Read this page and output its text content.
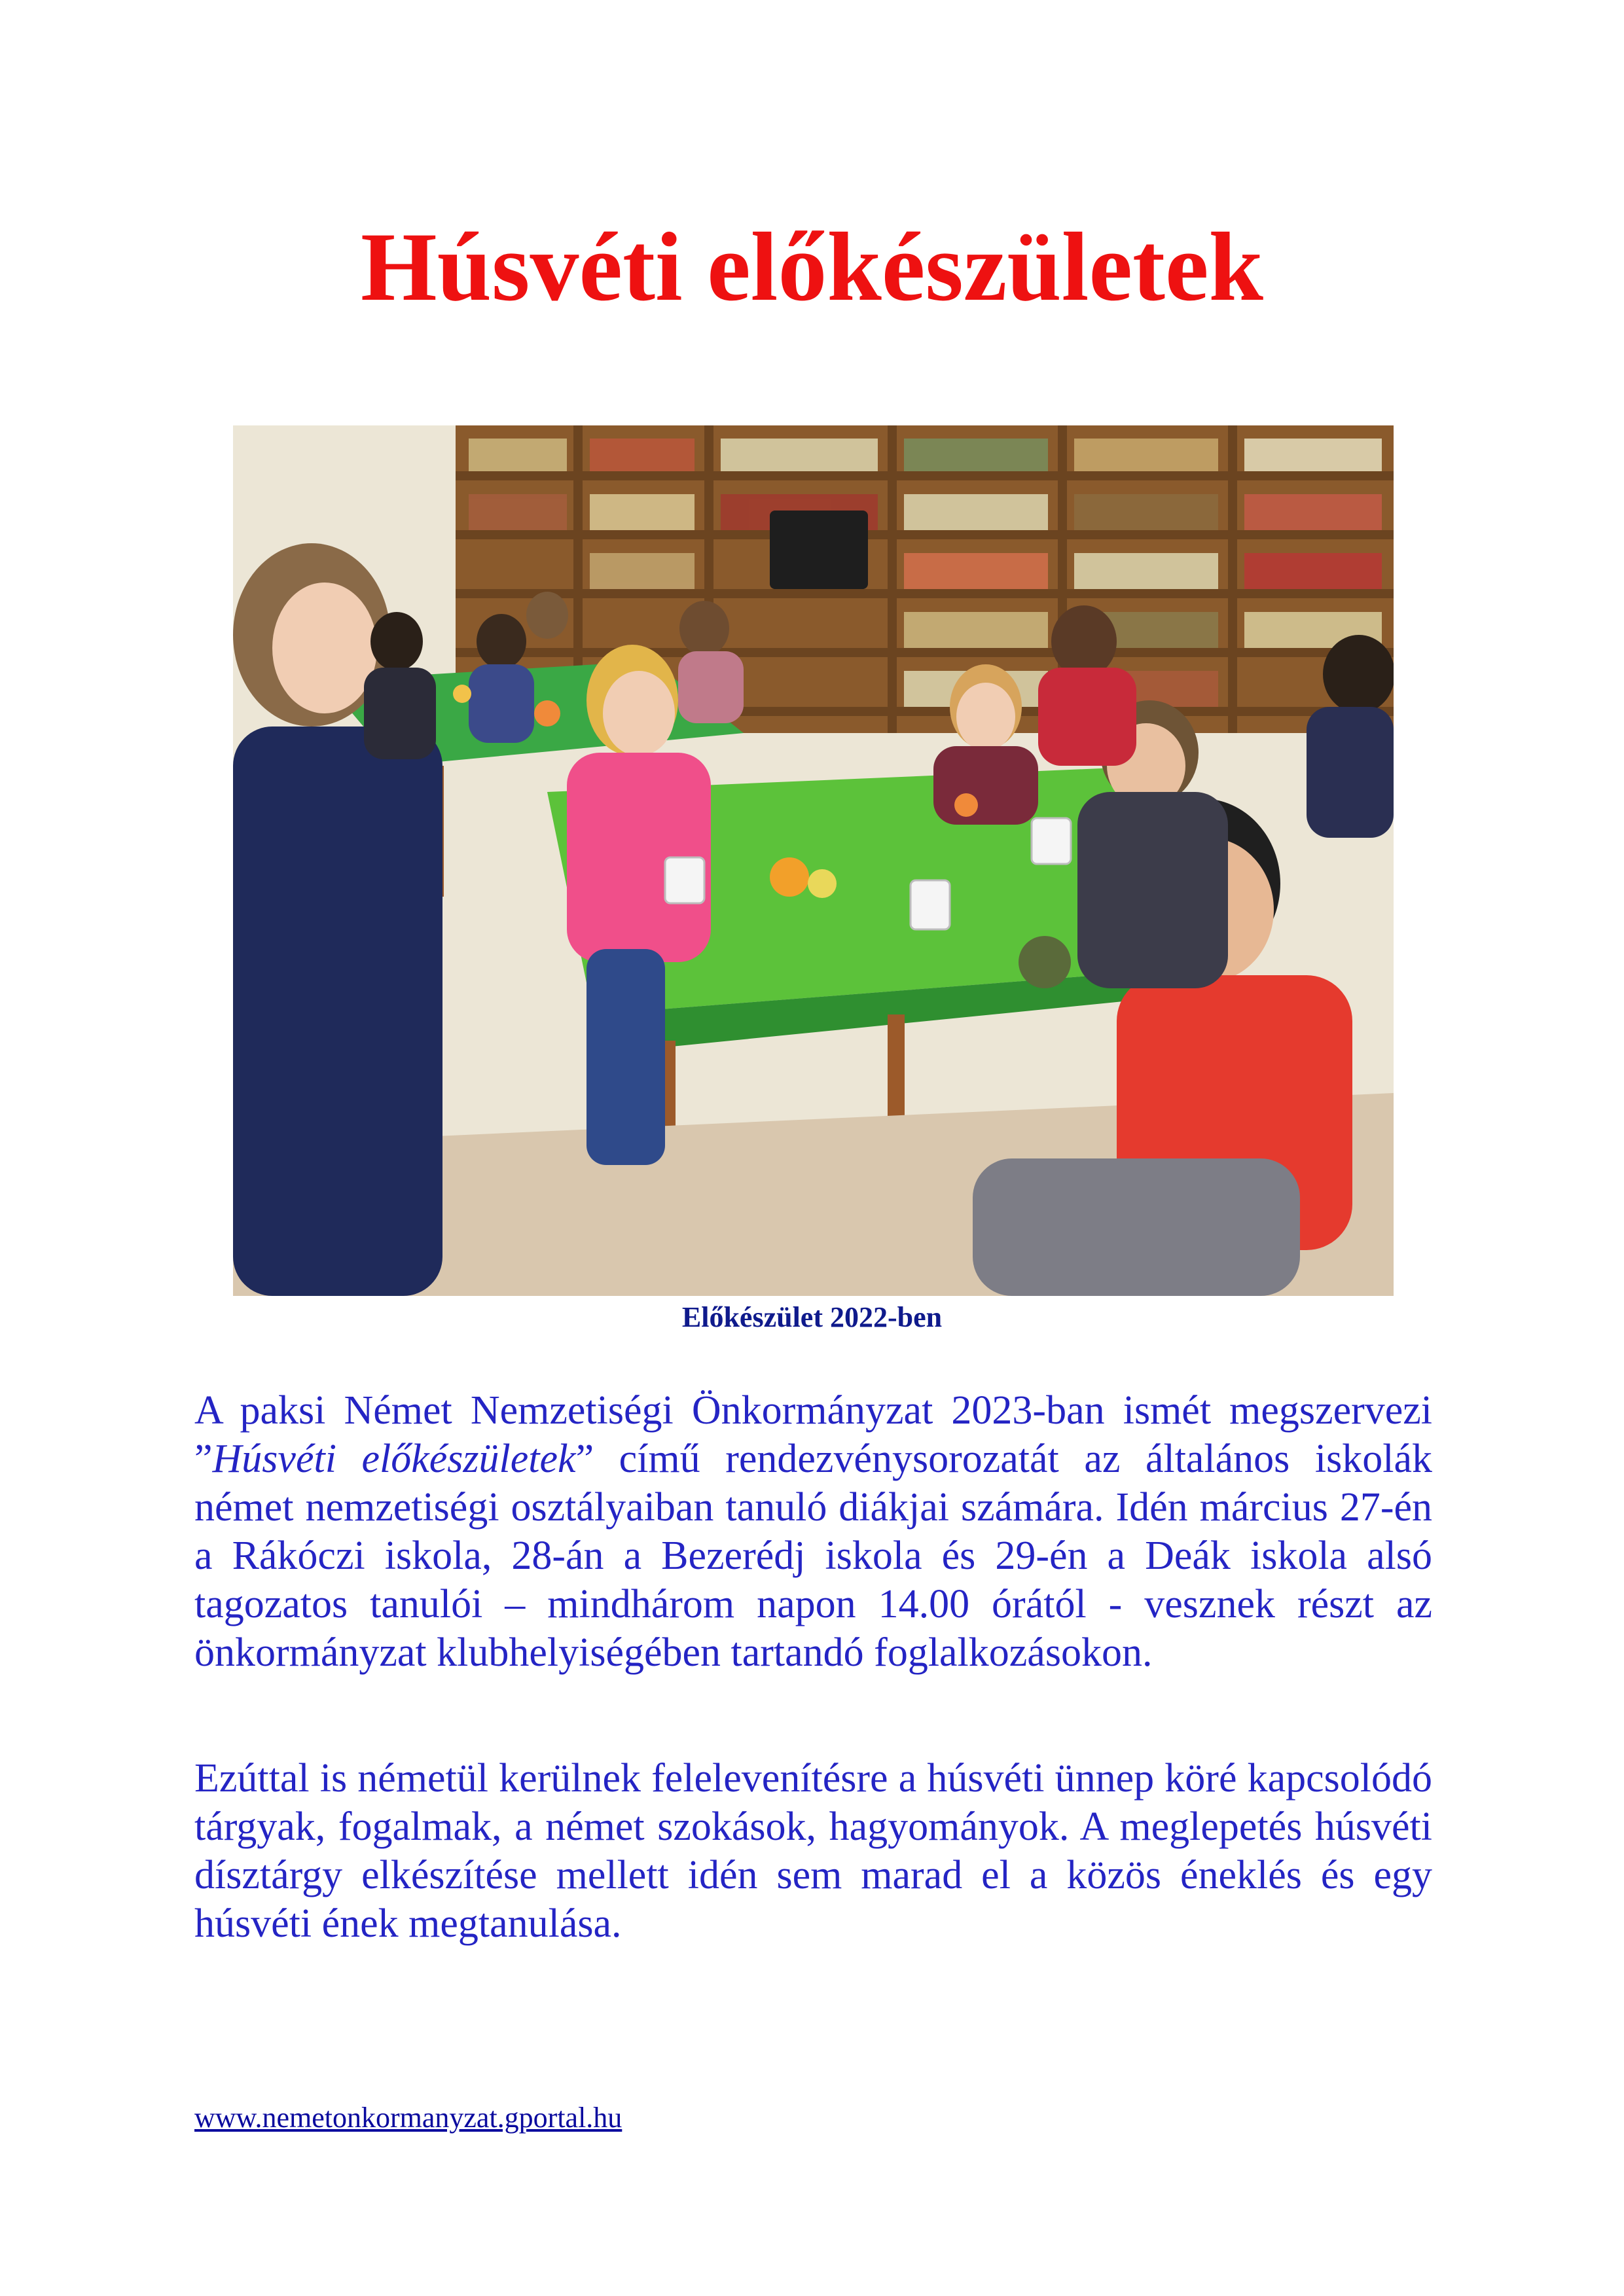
Húsvéti előkészületek
Előkészület 2022-ben

A paksi Német Nemzetiségi Önkormányzat 2023-ban ismét megszervezi ”Húsvéti előkészületek” című rendezvénysorozatát az általános iskolák német nemzetiségi osztályaiban tanuló diákjai számára. Idén március 27-én a Rákóczi iskola, 28-án a Bezerédj iskola és 29-én a Deák iskola alsó tagozatos tanulói – mindhárom napon 14.00 órától - vesznek részt az önkormányzat klubhelyiségében tartandó foglalkozásokon.

Ezúttal is németül kerülnek felelevenítésre a húsvéti ünnep köré kapcsolódó tárgyak, fogalmak, a német szokások, hagyományok. A meglepetés húsvéti dísztárgy elkészítése mellett idén sem marad el a közös éneklés és egy húsvéti ének megtanulása.

www.nemetonkormanyzat.gportal.hu
